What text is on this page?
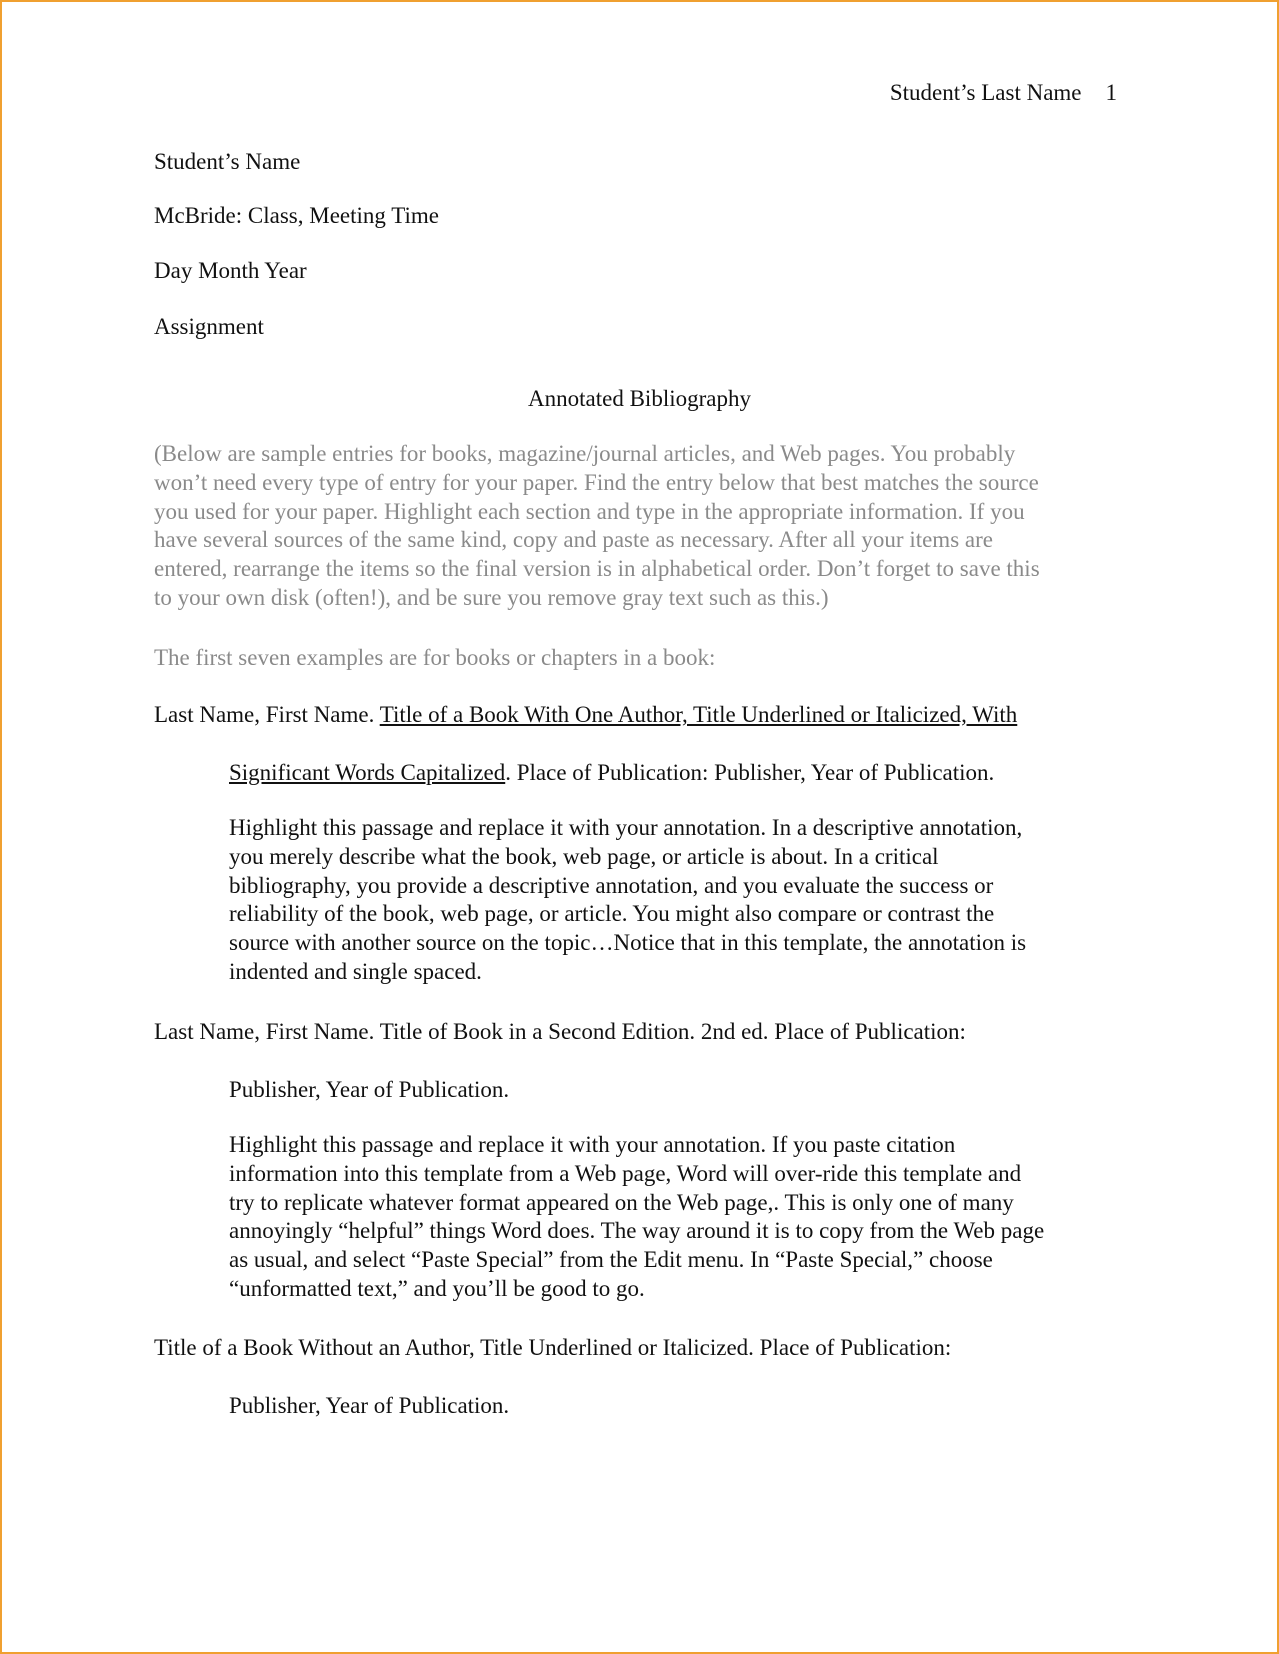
Student’s Last Name 1
Student’s Name
McBride: Class, Meeting Time
Day Month Year
Assignment
Annotated Bibliography
(Below are sample entries for books, magazine/journal articles, and Web pages. You probably
won’t need every type of entry for your paper. Find the entry below that best matches the source
you used for your paper. Highlight each section and type in the appropriate information. If you
have several sources of the same kind, copy and paste as necessary. After all your items are
entered, rearrange the items so the final version is in alphabetical order. Don’t forget to save this
to your own disk (often!), and be sure you remove gray text such as this.)
The first seven examples are for books or chapters in a book:
Last Name, First Name. Title of a Book With One Author, Title Underlined or Italicized, With
Significant Words Capitalized. Place of Publication: Publisher, Year of Publication.
Highlight this passage and replace it with your annotation. In a descriptive annotation,
you merely describe what the book, web page, or article is about. In a critical
bibliography, you provide a descriptive annotation, and you evaluate the success or
reliability of the book, web page, or article. You might also compare or contrast the
source with another source on the topic…Notice that in this template, the annotation is
indented and single spaced.
Last Name, First Name. Title of Book in a Second Edition. 2nd ed. Place of Publication:
Publisher, Year of Publication.
Highlight this passage and replace it with your annotation. If you paste citation
information into this template from a Web page, Word will over-ride this template and
try to replicate whatever format appeared on the Web page,. This is only one of many
annoyingly “helpful” things Word does. The way around it is to copy from the Web page
as usual, and select “Paste Special” from the Edit menu. In “Paste Special,” choose
“unformatted text,” and you’ll be good to go.
Title of a Book Without an Author, Title Underlined or Italicized. Place of Publication:
Publisher, Year of Publication.
